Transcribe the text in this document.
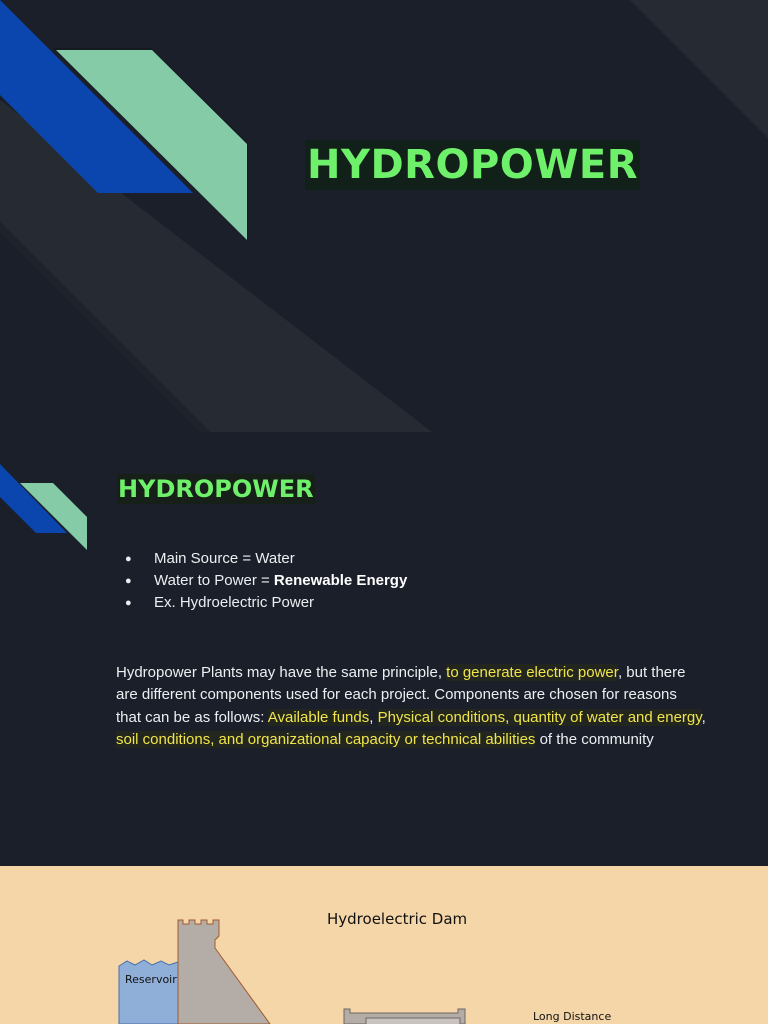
HYDROPOWER
HYDROPOWER
● Main Source = Water
● Water to Power = Renewable Energy
● Ex. Hydroelectric Power

Hydropower Plants may have the same principle, to generate electric power, but there are different components used for each project. Components are chosen for reasons that can be as follows: Available funds, Physical conditions, quantity of water and energy, soil conditions, and organizational capacity or technical abilities of the community

Hydroelectric Dam
Reservoir
Long Distance
